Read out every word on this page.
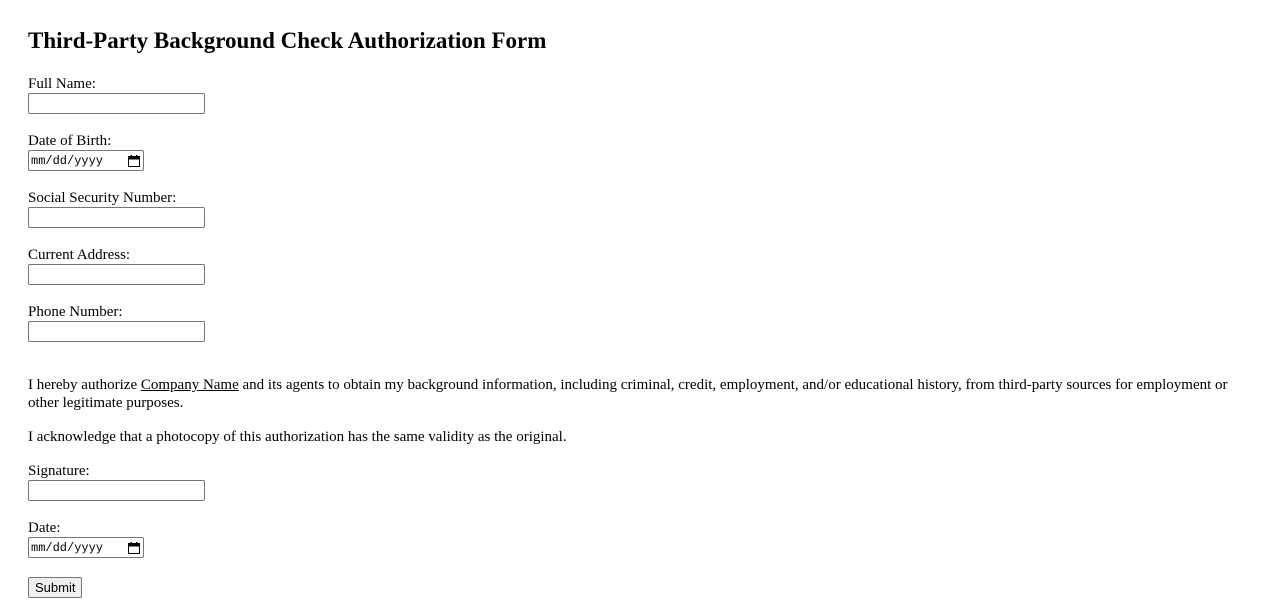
Third-Party Background Check Authorization Form
Full Name:
Date of Birth:
mm/dd/yyyy
Social Security Number:
Current Address:
Phone Number:

I hereby authorize Company Name and its agents to obtain my background information, including criminal, credit, employment, and/or educational history, from third-party sources for employment or other legitimate purposes.

I acknowledge that a photocopy of this authorization has the same validity as the original.

Signature:
Date:
mm/dd/yyyy
Submit
